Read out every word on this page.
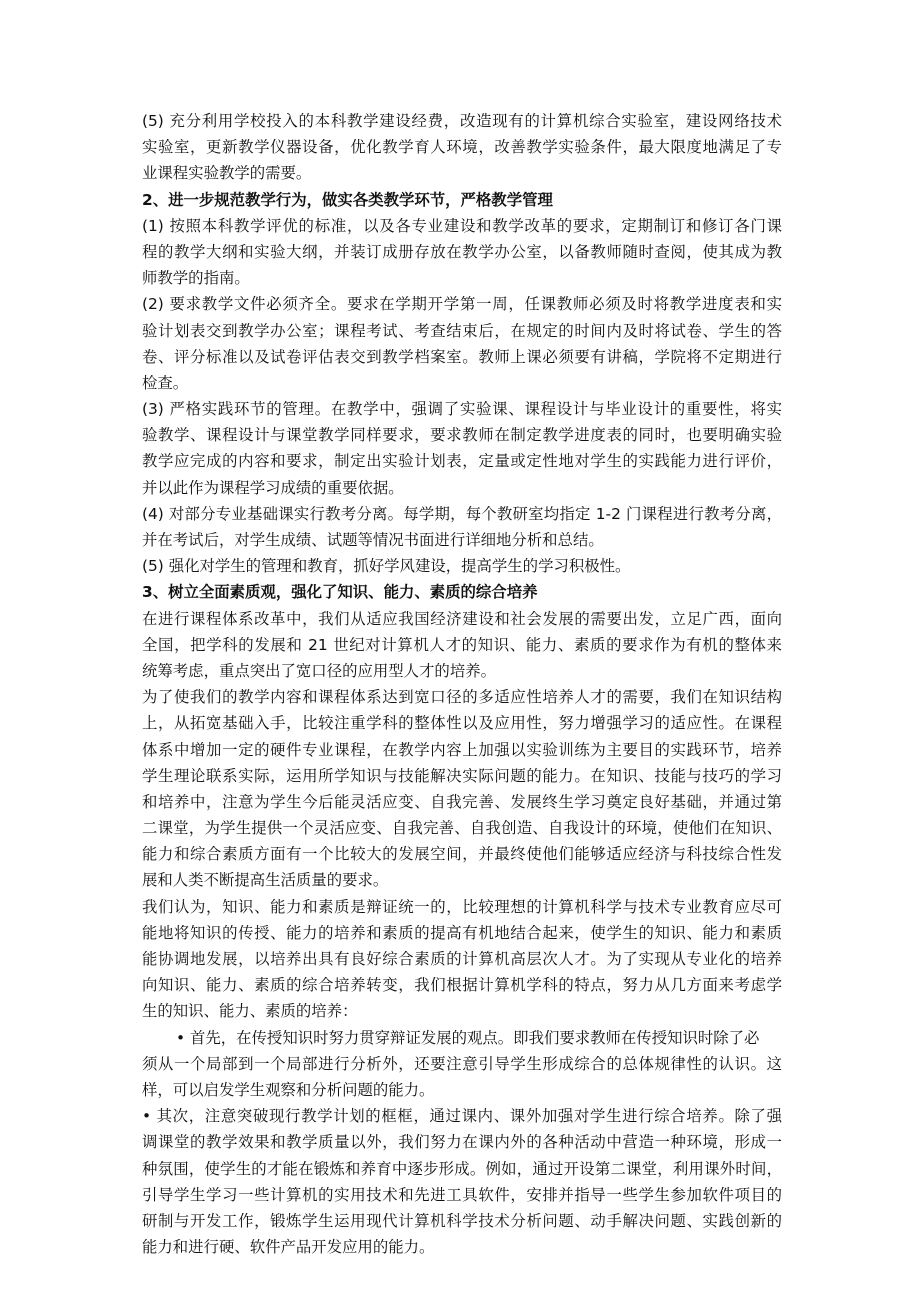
(5) 充分利用学校投入的本科教学建设经费，改造现有的计算机综合实验室，建设网络技术
实验室，更新教学仪器设备，优化教学育人环境，改善教学实验条件，最大限度地满足了专
业课程实验教学的需要。
2、进一步规范教学行为，做实各类教学环节，严格教学管理
(1) 按照本科教学评优的标准，以及各专业建设和教学改革的要求，定期制订和修订各门课
程的教学大纲和实验大纲，并装订成册存放在教学办公室，以备教师随时查阅，使其成为教
师教学的指南。
(2) 要求教学文件必须齐全。要求在学期开学第一周，任课教师必须及时将教学进度表和实
验计划表交到教学办公室；课程考试、考查结束后，在规定的时间内及时将试卷、学生的答
卷、评分标准以及试卷评估表交到教学档案室。教师上课必须要有讲稿，学院将不定期进行
检查。
(3) 严格实践环节的管理。在教学中，强调了实验课、课程设计与毕业设计的重要性，将实
验教学、课程设计与课堂教学同样要求，要求教师在制定教学进度表的同时，也要明确实验
教学应完成的内容和要求，制定出实验计划表，定量或定性地对学生的实践能力进行评价，
并以此作为课程学习成绩的重要依据。
(4) 对部分专业基础课实行教考分离。每学期，每个教研室均指定 1-2 门课程进行教考分离，
并在考试后，对学生成绩、试题等情况书面进行详细地分析和总结。
(5) 强化对学生的管理和教育，抓好学风建设，提高学生的学习积极性。
3、树立全面素质观，强化了知识、能力、素质的综合培养
在进行课程体系改革中，我们从适应我国经济建设和社会发展的需要出发，立足广西，面向
全国，把学科的发展和 21 世纪对计算机人才的知识、能力、素质的要求作为有机的整体来
统筹考虑，重点突出了宽口径的应用型人才的培养。
为了使我们的教学内容和课程体系达到宽口径的多适应性培养人才的需要，我们在知识结构
上，从拓宽基础入手，比较注重学科的整体性以及应用性，努力增强学习的适应性。在课程
体系中增加一定的硬件专业课程，在教学内容上加强以实验训练为主要目的实践环节，培养
学生理论联系实际，运用所学知识与技能解决实际问题的能力。在知识、技能与技巧的学习
和培养中，注意为学生今后能灵活应变、自我完善、发展终生学习奠定良好基础，并通过第
二课堂，为学生提供一个灵活应变、自我完善、自我创造、自我设计的环境，使他们在知识、
能力和综合素质方面有一个比较大的发展空间，并最终使他们能够适应经济与科技综合性发
展和人类不断提高生活质量的要求。
我们认为，知识、能力和素质是辩证统一的，比较理想的计算机科学与技术专业教育应尽可
能地将知识的传授、能力的培养和素质的提高有机地结合起来，使学生的知识、能力和素质
能协调地发展，以培养出具有良好综合素质的计算机高层次人才。为了实现从专业化的培养
向知识、能力、素质的综合培养转变，我们根据计算机学科的特点，努力从几方面来考虑学
生的知识、能力、素质的培养：
• 首先，在传授知识时努力贯穿辩证发展的观点。即我们要求教师在传授知识时除了必
须从一个局部到一个局部进行分析外，还要注意引导学生形成综合的总体规律性的认识。这
样，可以启发学生观察和分析问题的能力。
• 其次，注意突破现行教学计划的框框，通过课内、课外加强对学生进行综合培养。除了强
调课堂的教学效果和教学质量以外，我们努力在课内外的各种活动中营造一种环境，形成一
种氛围，使学生的才能在锻炼和养育中逐步形成。例如，通过开设第二课堂，利用课外时间，
引导学生学习一些计算机的实用技术和先进工具软件，安排并指导一些学生参加软件项目的
研制与开发工作，锻炼学生运用现代计算机科学技术分析问题、动手解决问题、实践创新的
能力和进行硬、软件产品开发应用的能力。
